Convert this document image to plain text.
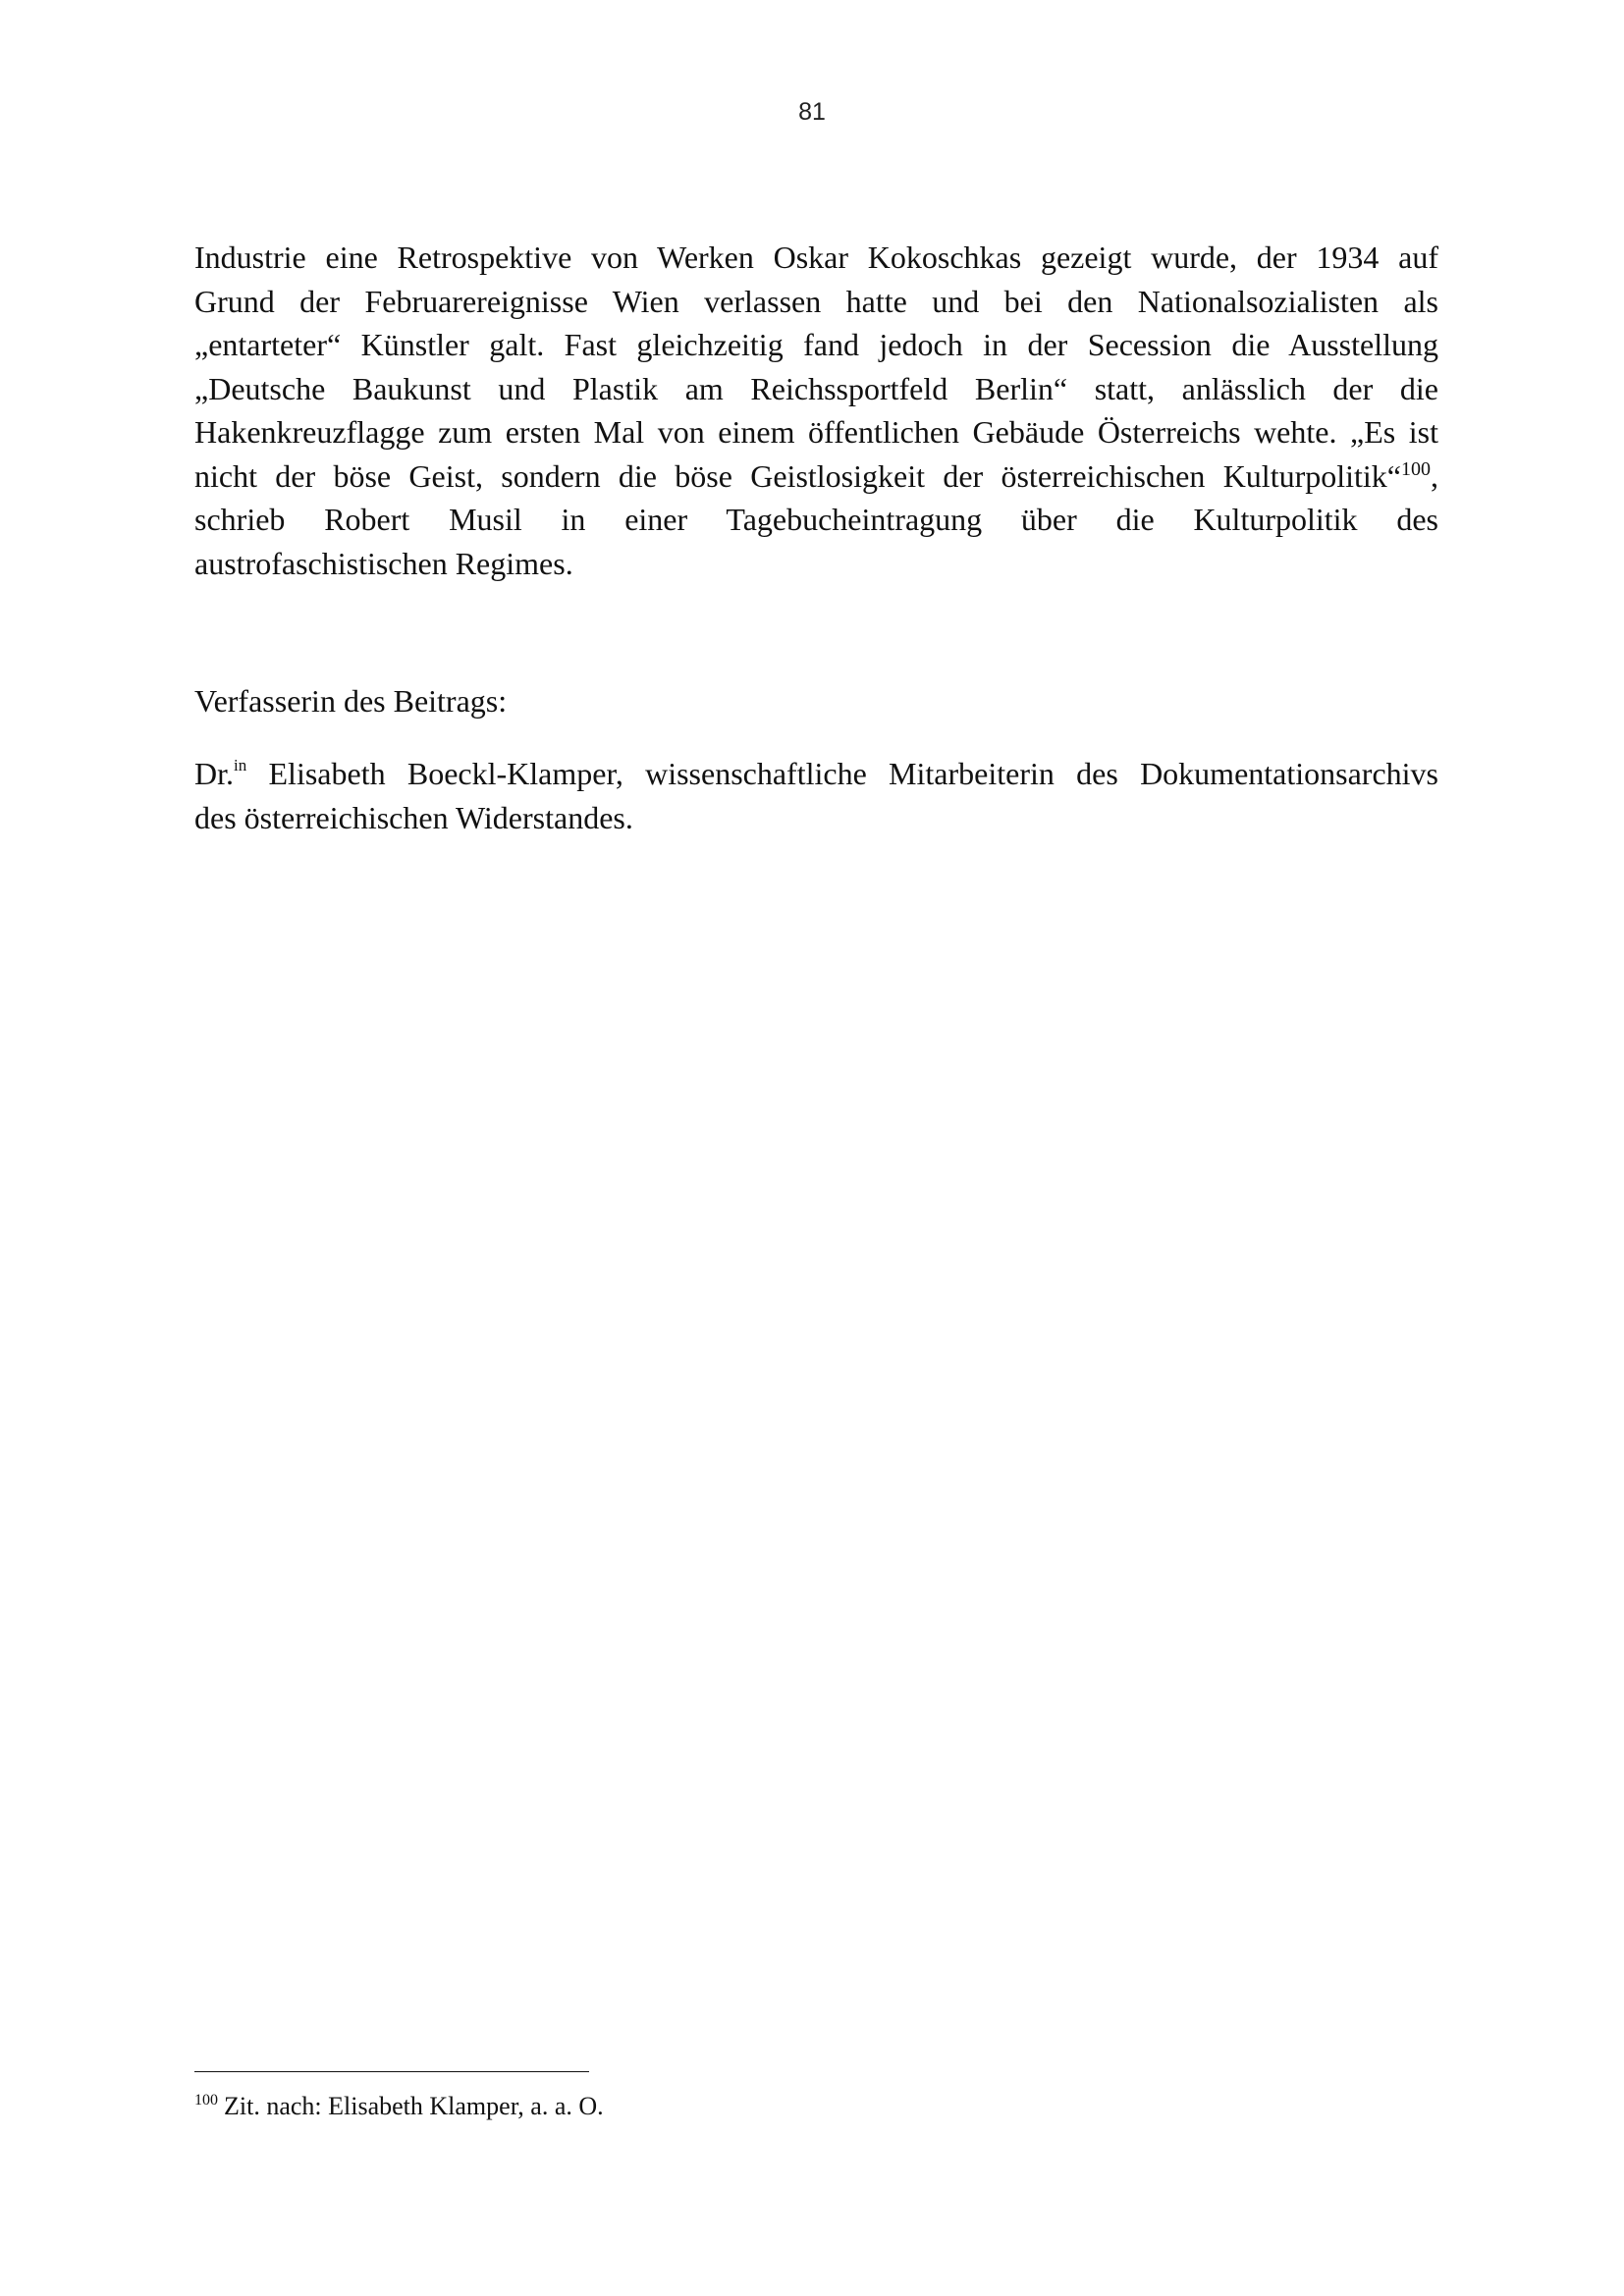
81
Industrie eine Retrospektive von Werken Oskar Kokoschkas gezeigt wurde, der 1934 auf
Grund der Februarereignisse Wien verlassen hatte und bei den Nationalsozialisten als
„entarteter“ Künstler galt. Fast gleichzeitig fand jedoch in der Secession die Ausstellung
„Deutsche Baukunst und Plastik am Reichssportfeld Berlin“ statt, anlässlich der die
Hakenkreuzflagge zum ersten Mal von einem öffentlichen Gebäude Österreichs wehte. „Es ist
nicht der böse Geist, sondern die böse Geistlosigkeit der österreichischen Kulturpolitik“$^{100}$,
schrieb Robert Musil in einer Tagebucheintragung über die Kulturpolitik des
austrofaschistischen Regimes.
Verfasserin des Beitrags:
Dr.$^{in}$ Elisabeth Boeckl-Klamper, wissenschaftliche Mitarbeiterin des Dokumentationsarchivs
des österreichischen Widerstandes.
$^{100}$ Zit. nach: Elisabeth Klamper, a. a. O.
